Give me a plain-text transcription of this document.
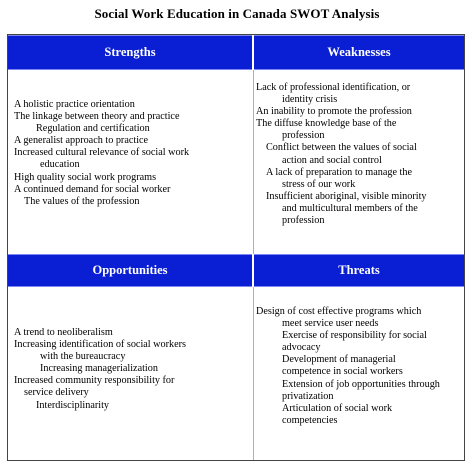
Social Work Education in Canada SWOT Analysis
Strengths	Weaknesses
Opportunities	Threats
A holistic practice orientation
The linkage between theory and practice
Regulation and certification
A generalist approach to practice
Increased cultural relevance of social work
education
High quality social work programs
A continued demand for social worker
The values of the profession
Lack of professional identification, or
identity crisis
An inability to promote the profession
The diffuse knowledge base of the
profession
Conflict between the values of social
action and social control
A lack of preparation to manage the
stress of our work
Insufficient aboriginal, visible minority
and multicultural members of the
profession
A trend to neoliberalism
Increasing identification of social workers
with the bureaucracy
Increasing managerialization
Increased community responsibility for
service delivery
Interdisciplinarity
Design of cost effective programs which
meet service user needs
Exercise of responsibility for social
advocacy
Development of managerial
competence in social workers
Extension of job opportunities through
privatization
Articulation of social work
competencies
